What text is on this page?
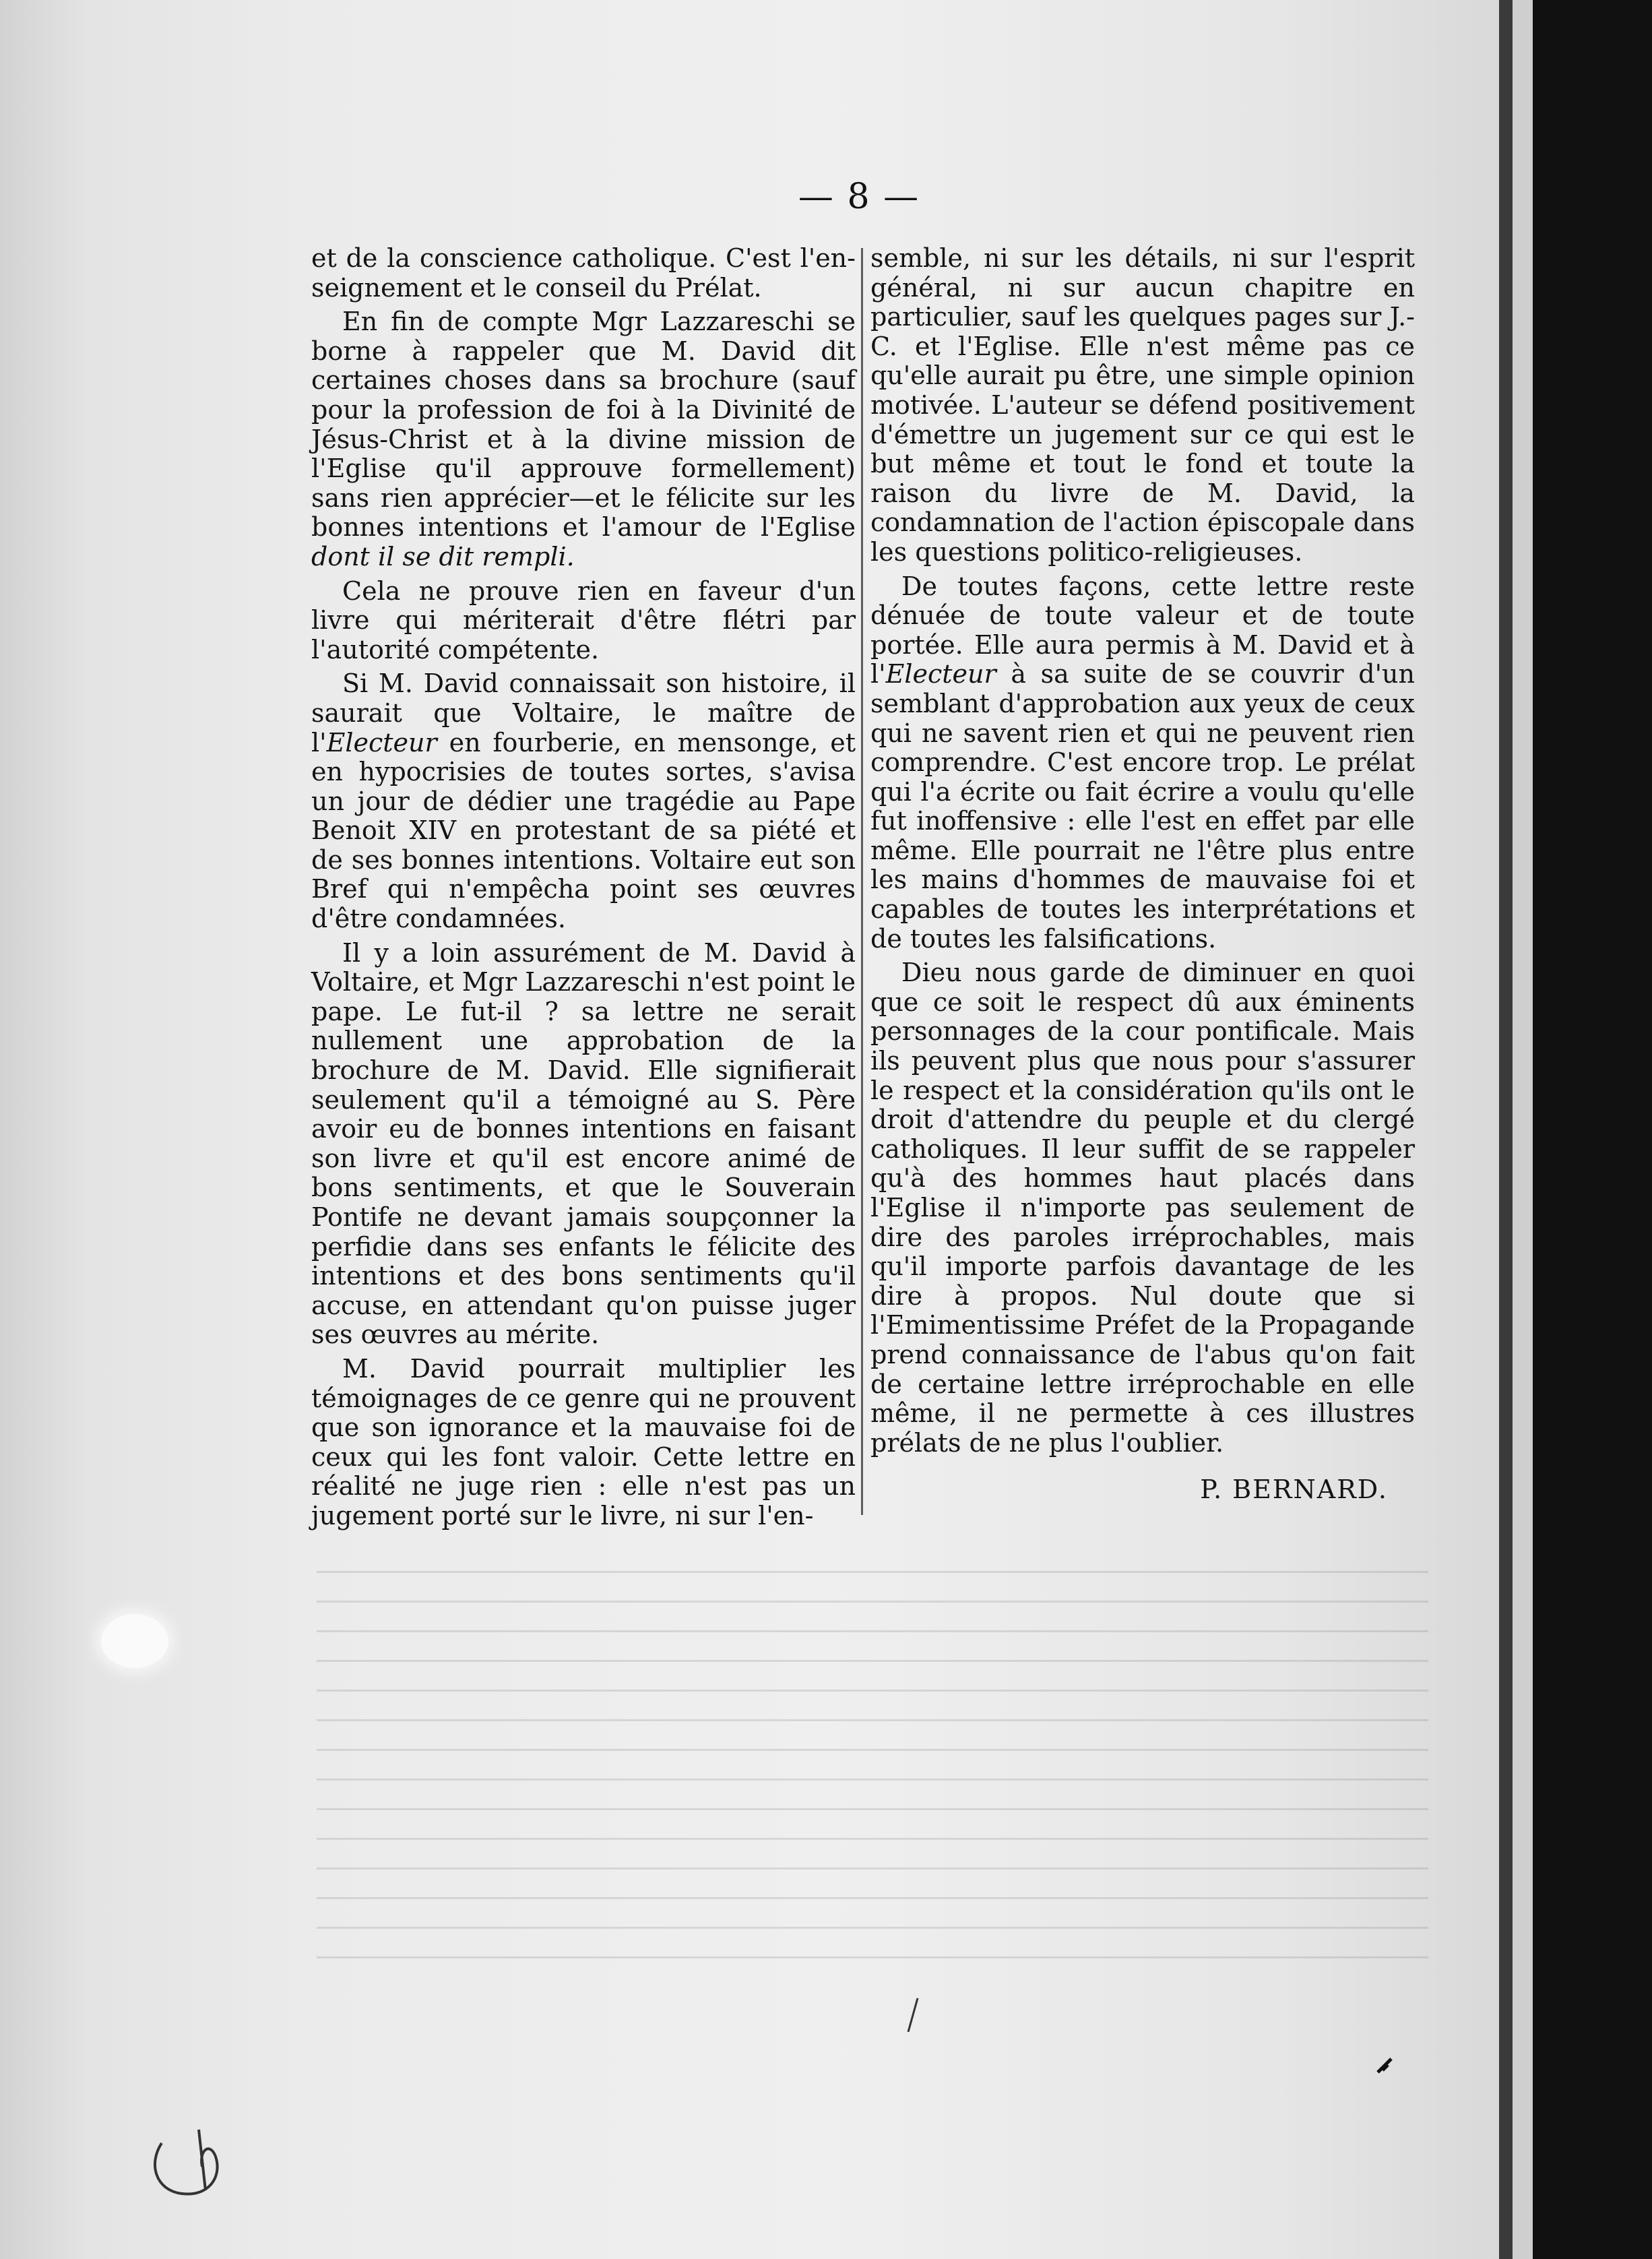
— 8 —

et de la conscience catholique. C'est l'en-seignement et le conseil du Prélat.

En fin de compte Mgr Lazzareschi se borne à rappeler que M. David dit certaines choses dans sa brochure (sauf pour la profession de foi à la Divinité de Jésus-Christ et à la divine mission de l'Eglise qu'il approuve formellement) sans rien apprécier—et le félicite sur les bonnes intentions et l'amour de l'Eglise dont il se dit rempli.

Cela ne prouve rien en faveur d'un livre qui mériterait d'être flétri par l'autorité compétente.

Si M. David connaissait son histoire, il saurait que Voltaire, le maître de l'Electeur en fourberie, en mensonge, et en hypocrisies de toutes sortes, s'avisa un jour de dédier une tragédie au Pape Benoit XIV en protestant de sa piété et de ses bonnes intentions. Voltaire eut son Bref qui n'empêcha point ses œuvres d'être condamnées.

Il y a loin assurément de M. David à Voltaire, et Mgr Lazzareschi n'est point le pape. Le fut-il ? sa lettre ne serait nullement une approbation de la brochure de M. David. Elle signifierait seulement qu'il a témoigné au S. Père avoir eu de bonnes intentions en faisant son livre et qu'il est encore animé de bons sentiments, et que le Souverain Pontife ne devant jamais soupçonner la perfidie dans ses enfants le félicite des intentions et des bons sentiments qu'il accuse, en attendant qu'on puisse juger ses œuvres au mérite.

M. David pourrait multiplier les témoignages de ce genre qui ne prouvent que son ignorance et la mauvaise foi de ceux qui les font valoir. Cette lettre en réalité ne juge rien : elle n'est pas un jugement porté sur le livre, ni sur l'en-

semble, ni sur les détails, ni sur l'esprit général, ni sur aucun chapitre en particulier, sauf les quelques pages sur J.-C. et l'Eglise. Elle n'est même pas ce qu'elle aurait pu être, une simple opinion motivée. L'auteur se défend positivement d'émettre un jugement sur ce qui est le but même et tout le fond et toute la raison du livre de M. David, la condamnation de l'action épiscopale dans les questions politico-religieuses.

De toutes façons, cette lettre reste dénuée de toute valeur et de toute portée. Elle aura permis à M. David et à l'Electeur à sa suite de se couvrir d'un semblant d'approbation aux yeux de ceux qui ne savent rien et qui ne peuvent rien comprendre. C'est encore trop. Le prélat qui l'a écrite ou fait écrire a voulu qu'elle fut inoffensive : elle l'est en effet par elle même. Elle pourrait ne l'être plus entre les mains d'hommes de mauvaise foi et capables de toutes les interprétations et de toutes les falsifications.

Dieu nous garde de diminuer en quoi que ce soit le respect dû aux éminents personnages de la cour pontificale. Mais ils peuvent plus que nous pour s'assurer le respect et la considération qu'ils ont le droit d'attendre du peuple et du clergé catholiques. Il leur suffit de se rappeler qu'à des hommes haut placés dans l'Eglise il n'importe pas seulement de dire des paroles irréprochables, mais qu'il importe parfois davantage de les dire à propos. Nul doute que si l'Emimentissime Préfet de la Propagande prend connaissance de l'abus qu'on fait de certaine lettre irréprochable en elle même, il ne permette à ces illustres prélats de ne plus l'oublier.

P. BERNARD.
